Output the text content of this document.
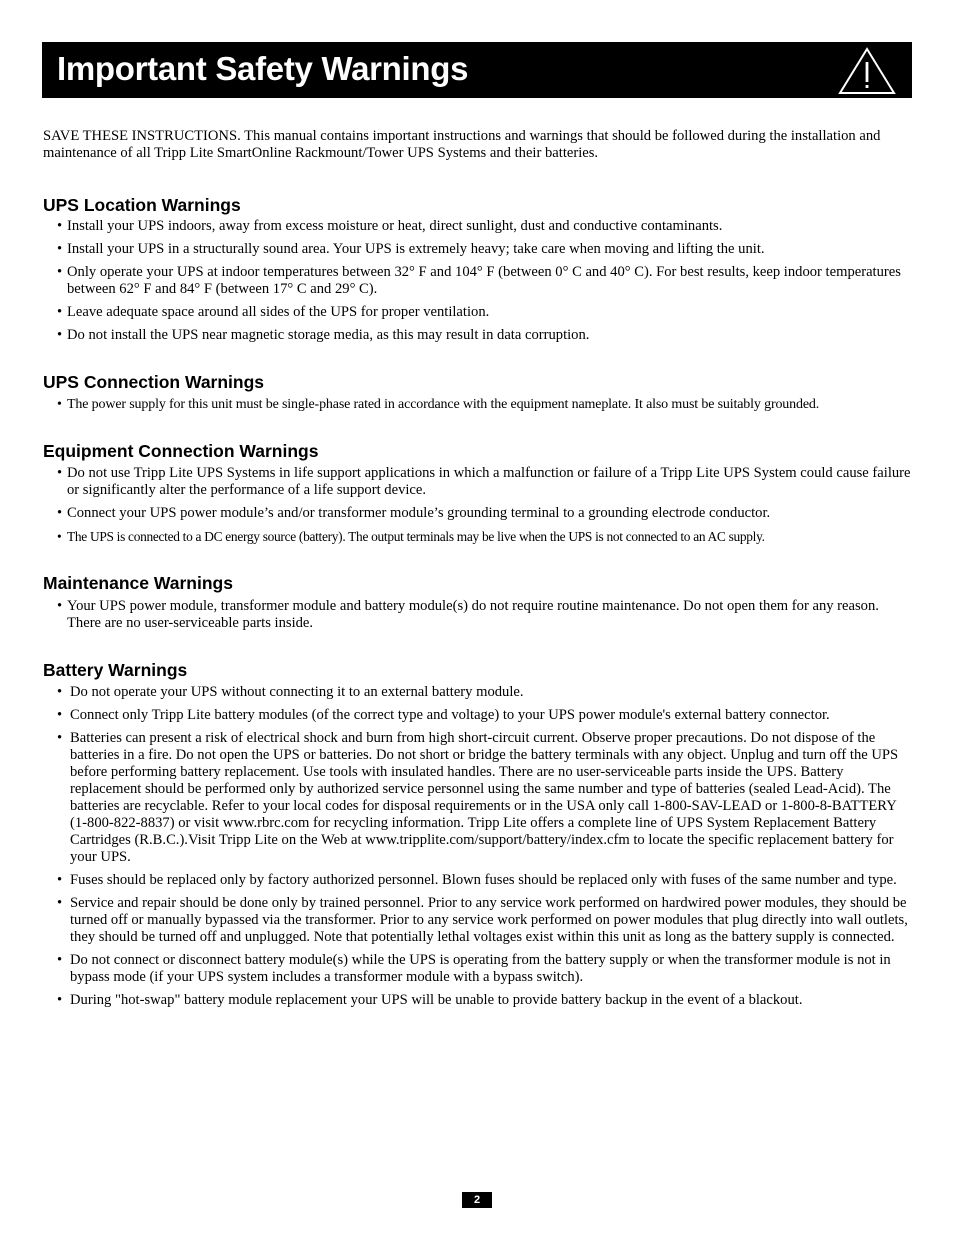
Important Safety Warnings

SAVE THESE INSTRUCTIONS. This manual contains important instructions and warnings that should be followed during the installation and maintenance of all Tripp Lite SmartOnline Rackmount/Tower UPS Systems and their batteries.

UPS Location Warnings
• Install your UPS indoors, away from excess moisture or heat, direct sunlight, dust and conductive contaminants.
• Install your UPS in a structurally sound area. Your UPS is extremely heavy; take care when moving and lifting the unit.
• Only operate your UPS at indoor temperatures between 32° F and 104° F (between 0° C and 40° C). For best results, keep indoor temperatures between 62° F and 84° F (between 17° C and 29° C).
• Leave adequate space around all sides of the UPS for proper ventilation.
• Do not install the UPS near magnetic storage media, as this may result in data corruption.
UPS Connection Warnings
• The power supply for this unit must be single-phase rated in accordance with the equipment nameplate. It also must be suitably grounded.
Equipment Connection Warnings
• Do not use Tripp Lite UPS Systems in life support applications in which a malfunction or failure of a Tripp Lite UPS System could cause failure or significantly alter the performance of a life support device.
• Connect your UPS power module’s and/or transformer module’s grounding terminal to a grounding electrode conductor.
• The UPS is connected to a DC energy source (battery). The output terminals may be live when the UPS is not connected to an AC supply.
Maintenance Warnings
• Your UPS power module, transformer module and battery module(s) do not require routine maintenance. Do not open them for any reason. There are no user-serviceable parts inside.
Battery Warnings
• Do not operate your UPS without connecting it to an external battery module.
• Connect only Tripp Lite battery modules (of the correct type and voltage) to your UPS power module's external battery connector.
• Batteries can present a risk of electrical shock and burn from high short-circuit current. Observe proper precautions. Do not dispose of the batteries in a fire. Do not open the UPS or batteries. Do not short or bridge the battery terminals with any object. Unplug and turn off the UPS before performing battery replacement. Use tools with insulated handles. There are no user-serviceable parts inside the UPS. Battery replacement should be performed only by authorized service personnel using the same number and type of batteries (sealed Lead-Acid). The batteries are recyclable. Refer to your local codes for disposal requirements or in the USA only call 1-800-SAV-LEAD or 1-800-8-BATTERY (1-800-822-8837) or visit www.rbrc.com for recycling information. Tripp Lite offers a complete line of UPS System Replacement Battery Cartridges (R.B.C.).Visit Tripp Lite on the Web at www.tripplite.com/support/battery/index.cfm to locate the specific replacement battery for your UPS.
• Fuses should be replaced only by factory authorized personnel. Blown fuses should be replaced only with fuses of the same number and type.
• Service and repair should be done only by trained personnel. Prior to any service work performed on hardwired power modules, they should be turned off or manually bypassed via the transformer. Prior to any service work performed on power modules that plug directly into wall outlets, they should be turned off and unplugged. Note that potentially lethal voltages exist within this unit as long as the battery supply is connected.
• Do not connect or disconnect battery module(s) while the UPS is operating from the battery supply or when the transformer module is not in bypass mode (if your UPS system includes a transformer module with a bypass switch).
• During "hot-swap" battery module replacement your UPS will be unable to provide battery backup in the event of a blackout.
2
